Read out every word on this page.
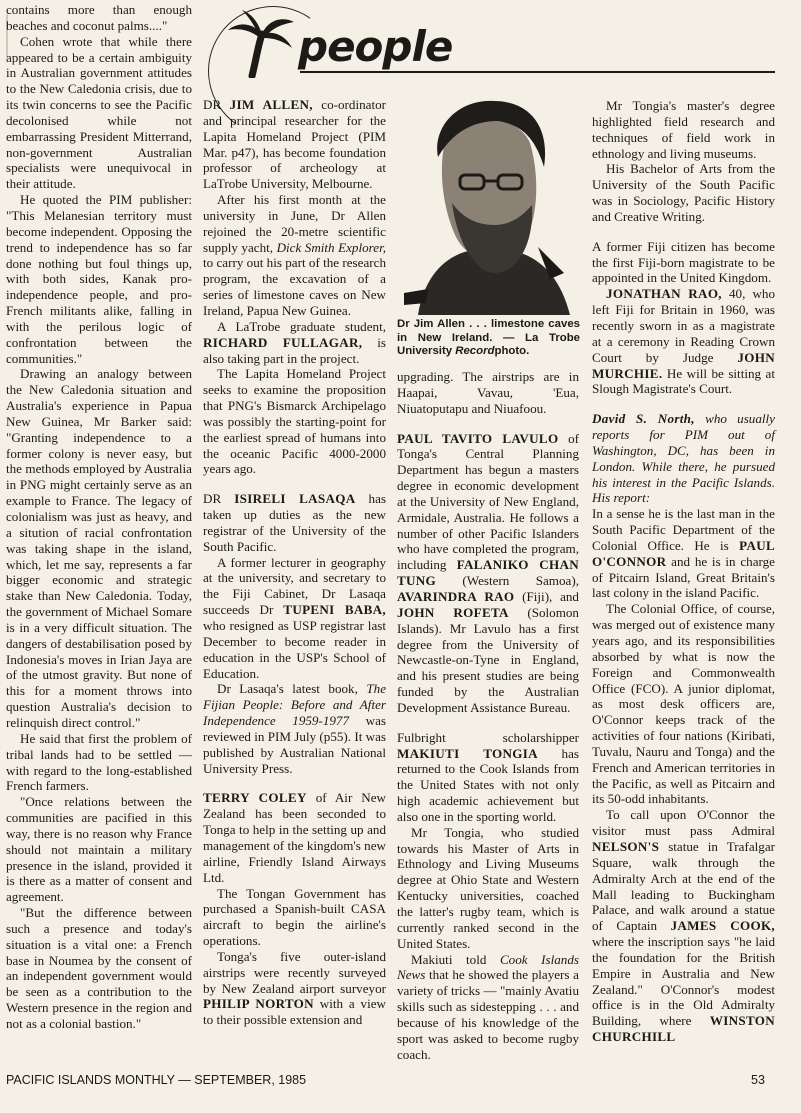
people

contains more than enough beaches and coconut palms...."

Cohen wrote that while there appeared to be a certain ambiguity in Australian government attitudes to the New Caledonia crisis, due to its twin concerns to see the Pacific decolonised while not embarrassing President Mitterrand, non-government Australian specialists were unequivocal in their attitude.

He quoted the PIM publisher: "This Melanesian territory must become independent. Opposing the trend to independence has so far done nothing but foul things up, with both sides, Kanak pro-independence people, and pro-French militants alike, falling in with the perilous logic of confrontation between the communities."

Drawing an analogy between the New Caledonia situation and Australia's experience in Papua New Guinea, Mr Barker said: "Granting independence to a former colony is never easy, but the methods employed by Australia in PNG might certainly serve as an example to France. The legacy of colonialism was just as heavy, and a sitution of racial confrontation was taking shape in the island, which, let me say, represents a far bigger economic and strategic stake than New Caledonia. Today, the government of Michael Somare is in a very difficult situation. The dangers of destabilisation posed by Indonesia's moves in Irian Jaya are of the utmost gravity. But none of this for a moment throws into question Australia's decision to relinquish direct control."

He said that first the problem of tribal lands had to be settled — with regard to the long-established French farmers.

"Once relations between the communities are pacified in this way, there is no reason why France should not maintain a military presence in the island, provided it is there as a matter of consent and agreement.

"But the difference between such a presence and today's situation is a vital one: a French base in Noumea by the consent of an independent government would be seen as a contribution to the Western presence in the region and not as a colonial bastion."

DR JIM ALLEN, co-ordinator and principal researcher for the Lapita Homeland Project (PIM Mar. p47), has become foundation professor of archeology at LaTrobe University, Melbourne.

After his first month at the university in June, Dr Allen rejoined the 20-metre scientific supply yacht, Dick Smith Explorer, to carry out his part of the research program, the excavation of a series of limestone caves on New Ireland, Papua New Guinea.

A LaTrobe graduate student, RICHARD FULLAGAR, is also taking part in the project.

The Lapita Homeland Project seeks to examine the proposition that PNG's Bismarck Archipelago was possibly the starting-point for the earliest spread of humans into the oceanic Pacific 4000-2000 years ago.

DR ISIRELI LASAQA has taken up duties as the new registrar of the University of the South Pacific.

A former lecturer in geography at the university, and secretary to the Fiji Cabinet, Dr Lasaqa succeeds Dr TUPENI BABA, who resigned as USP registrar last December to become reader in education in the USP's School of Education.

Dr Lasaqa's latest book, The Fijian People: Before and After Independence 1959-1977 was reviewed in PIM July (p55). It was published by Australian National University Press.

TERRY COLEY of Air New Zealand has been seconded to Tonga to help in the setting up and management of the kingdom's new airline, Friendly Island Airways Ltd.

The Tongan Government has purchased a Spanish-built CASA aircraft to begin the airline's operations.

Tonga's five outer-island airstrips were recently surveyed by New Zealand airport surveyor PHILIP NORTON with a view to their possible extension and

Dr Jim Allen . . . limestone caves in New Ireland. — La Trobe University Recordphoto.

upgrading. The airstrips are in Haapai, Vavau, 'Eua, Niuatoputapu and Niuafoou.

PAUL TAVITO LAVULO of Tonga's Central Planning Department has begun a masters degree in economic development at the University of New England, Armidale, Australia. He follows a number of other Pacific Islanders who have completed the program, including FALANIKO CHAN TUNG (Western Samoa), AVARINDRA RAO (Fiji), and JOHN ROFETA (Solomon Islands). Mr Lavulo has a first degree from the University of Newcastle-on-Tyne in England, and his present studies are being funded by the Australian Development Assistance Bureau.

Fulbright scholarshipper MAKIUTI TONGIA has returned to the Cook Islands from the United States with not only high academic achievement but also one in the sporting world.

Mr Tongia, who studied towards his Master of Arts in Ethnology and Living Museums degree at Ohio State and Western Kentucky universities, coached the latter's rugby team, which is currently ranked second in the United States.

Makiuti told Cook Islands News that he showed the players a variety of tricks — "mainly Avatiu skills such as sidestepping . . . and because of his knowledge of the sport was asked to become rugby coach.

Mr Tongia's master's degree highlighted field research and techniques of field work in ethnology and living museums.

His Bachelor of Arts from the University of the South Pacific was in Sociology, Pacific History and Creative Writing.

A former Fiji citizen has become the first Fiji-born magistrate to be appointed in the United Kingdom.

JONATHAN RAO, 40, who left Fiji for Britain in 1960, was recently sworn in as a magistrate at a ceremony in Reading Crown Court by Judge JOHN MURCHIE. He will be sitting at Slough Magistrate's Court.

David S. North, who usually reports for PIM out of Washington, DC, has been in London. While there, he pursued his interest in the Pacific Islands. His report:

In a sense he is the last man in the South Pacific Department of the Colonial Office. He is PAUL O'CONNOR and he is in charge of Pitcairn Island, Great Britain's last colony in the island Pacific.

The Colonial Office, of course, was merged out of existence many years ago, and its responsibilities absorbed by what is now the Foreign and Commonwealth Office (FCO). A junior diplomat, as most desk officers are, O'Connor keeps track of the activities of four nations (Kiribati, Tuvalu, Nauru and Tonga) and the French and American territories in the Pacific, as well as Pitcairn and its 50-odd inhabitants.

To call upon O'Connor the visitor must pass Admiral NELSON'S statue in Trafalgar Square, walk through the Admiralty Arch at the end of the Mall leading to Buckingham Palace, and walk around a statue of Captain JAMES COOK, where the inscription says "he laid the foundation for the British Empire in Australia and New Zealand." O'Connor's modest office is in the Old Admiralty Building, where WINSTON CHURCHILL

PACIFIC ISLANDS MONTHLY — SEPTEMBER, 1985	53
